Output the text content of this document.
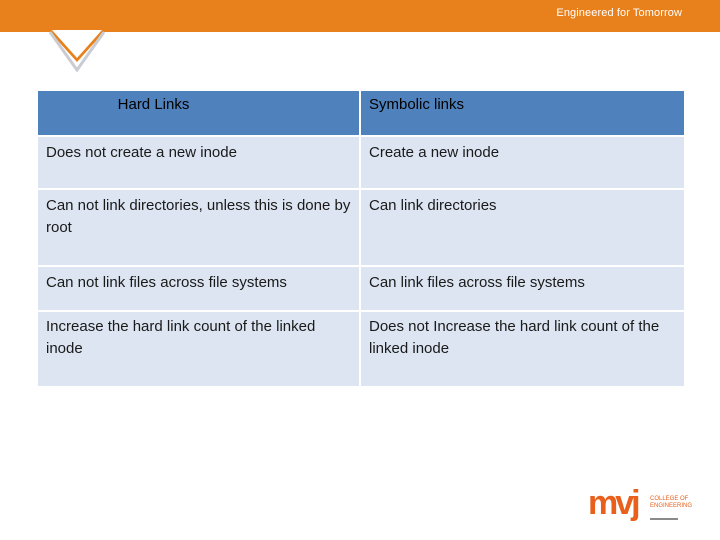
Engineered for Tomorrow
Hard Links	Symbolic links
Does not create a new inode	Create a new inode
Can not link directories, unless this is done by root	Can link directories
Can not link files across file systems	Can link files across file systems
Increase the hard link count of the linked inode	Does not Increase the hard link count of the linked inode
mvj COLLEGE OF
ENGINEERING
